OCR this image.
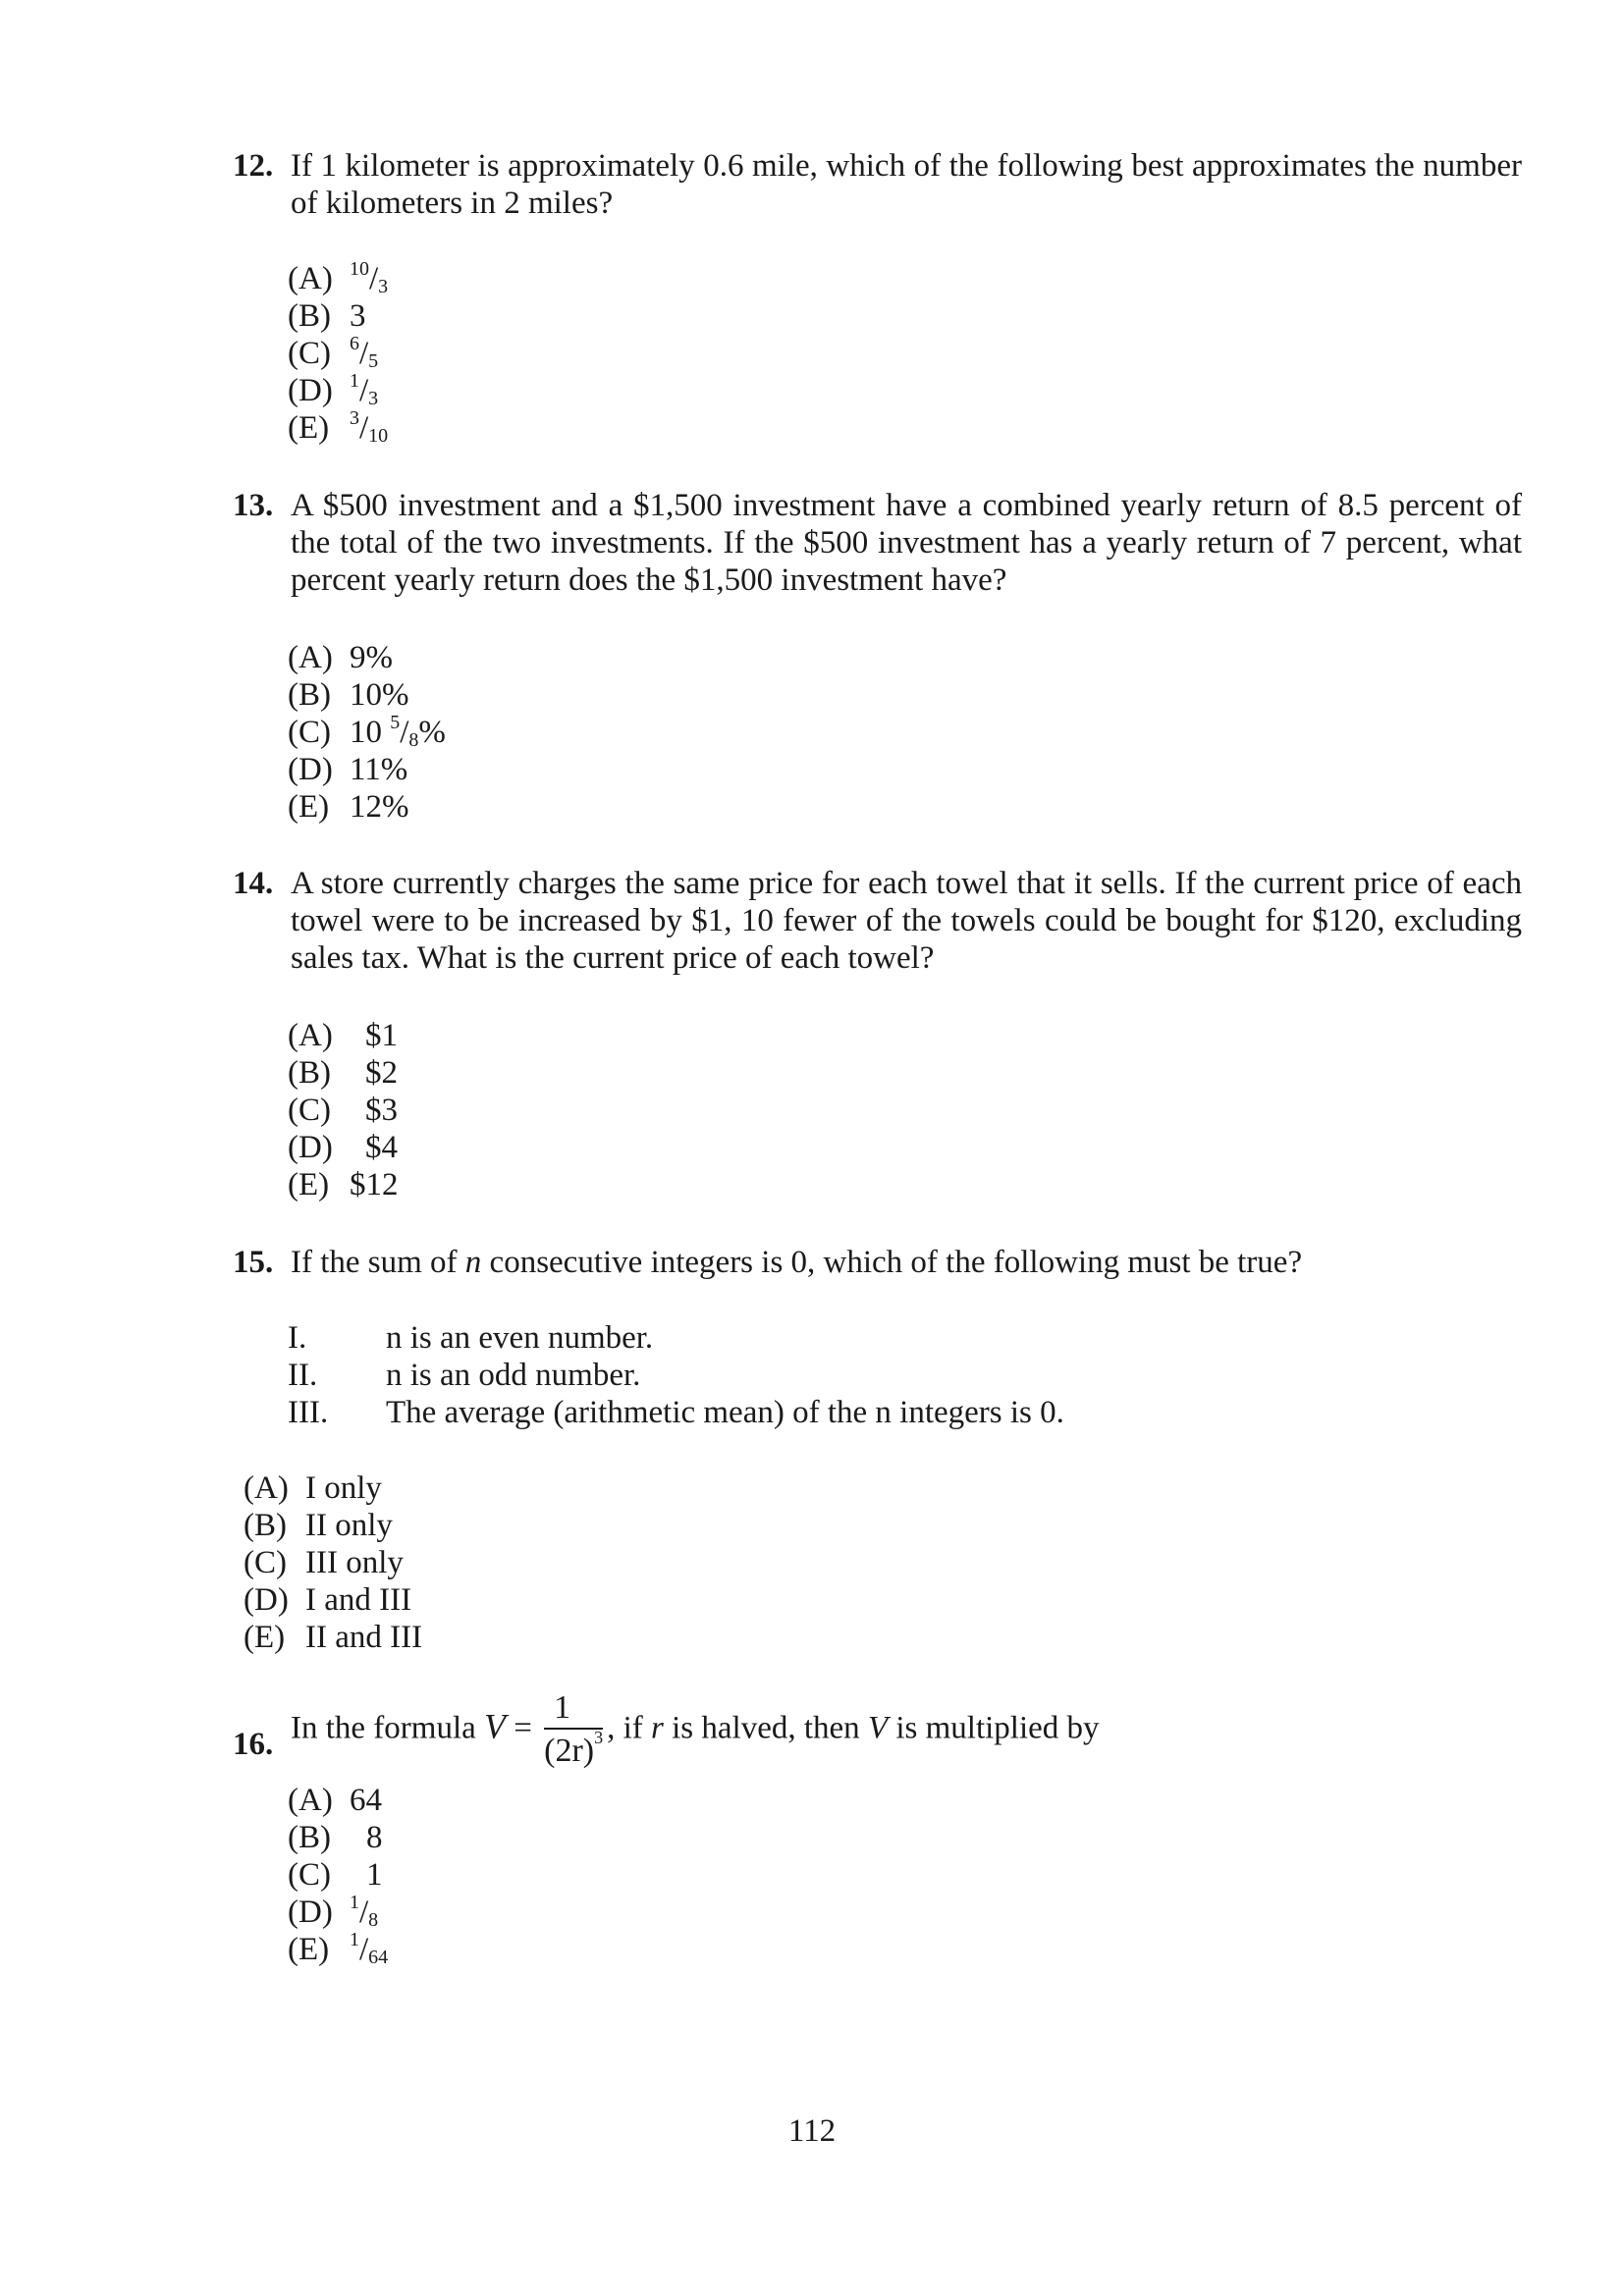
12. If 1 kilometer is approximately 0.6 mile, which of the following best approximates the number of kilometers in 2 miles?
(A) $^{10}/_3$
(B) 3
(C) $^6/_5$
(D) $^1/_3$
(E) $^3/_{10}$
13. A $500 investment and a $1,500 investment have a combined yearly return of 8.5 percent of the total of the two investments. If the $500 investment has a yearly return of 7 percent, what percent yearly return does the $1,500 investment have?
(A) 9%
(B) 10%
(C) 10 $^5/_8\%$
(D) 11%
(E) 12%
14. A store currently charges the same price for each towel that it sells. If the current price of each towel were to be increased by $1, 10 fewer of the towels could be bought for $120, excluding sales tax. What is the current price of each towel?
(A) $1
(B) $2
(C) $3
(D) $4
(E) $12
15. If the sum of n consecutive integers is 0, which of the following must be true?
I. n is an even number.
II. n is an odd number.
III. The average (arithmetic mean) of the n integers is 0.
(A) I only
(B) II only
(C) III only
(D) I and III
(E) II and III
16. In the formula $V = \frac{1}{(2r)^3}$ , if r is halved, then V is multiplied by
(A) 64
(B) 8
(C) 1
(D) $^1/_8$
(E) $^1/_{64}$
112
